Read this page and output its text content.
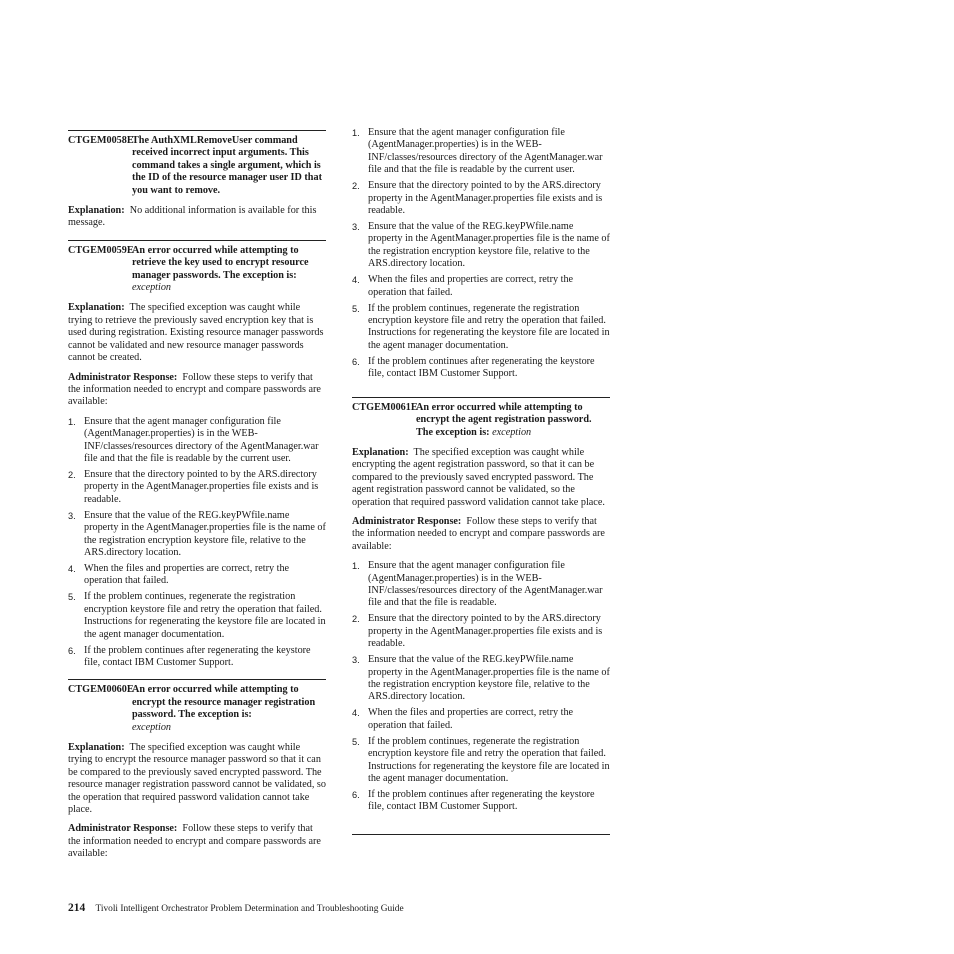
CTGEM0058E
The AuthXMLRemoveUser command received incorrect input arguments. This command takes a single argument, which is the ID of the resource manager user ID that you want to remove.

Explanation: No additional information is available for this message.

CTGEM0059E
An error occurred while attempting to retrieve the key used to encrypt resource manager passwords. The exception is:
exception

Explanation: The specified exception was caught while trying to retrieve the previously saved encryption key that is used during registration. Existing resource manager passwords cannot be validated and new resource manager passwords cannot be created.

Administrator Response: Follow these steps to verify that the information needed to encrypt and compare passwords are available:

1. Ensure that the agent manager configuration file (AgentManager.properties) is in the WEB-INF/classes/resources directory of the AgentManager.war file and that the file is readable by the current user.
2. Ensure that the directory pointed to by the ARS.directory property in the AgentManager.properties file exists and is readable.
3. Ensure that the value of the REG.keyPWfile.name property in the AgentManager.properties file is the name of the registration encryption keystore file, relative to the ARS.directory location.
4. When the files and properties are correct, retry the operation that failed.
5. If the problem continues, regenerate the registration encryption keystore file and retry the operation that failed. Instructions for regenerating the keystore file are located in the agent manager documentation.
6. If the problem continues after regenerating the keystore file, contact IBM Customer Support.
CTGEM0060E
An error occurred while attempting to encrypt the resource manager registration password. The exception is:
exception

Explanation: The specified exception was caught while trying to encrypt the resource manager password so that it can be compared to the previously saved encrypted password. The resource manager registration password cannot be validated, so the operation that required password validation cannot take place.

Administrator Response: Follow these steps to verify that the information needed to encrypt and compare passwords are available:

1. Ensure that the agent manager configuration file (AgentManager.properties) is in the WEB-INF/classes/resources directory of the AgentManager.war file and that the file is readable by the current user.
2. Ensure that the directory pointed to by the ARS.directory property in the AgentManager.properties file exists and is readable.
3. Ensure that the value of the REG.keyPWfile.name property in the AgentManager.properties file is the name of the registration encryption keystore file, relative to the ARS.directory location.
4. When the files and properties are correct, retry the operation that failed.
5. If the problem continues, regenerate the registration encryption keystore file and retry the operation that failed. Instructions for regenerating the keystore file are located in the agent manager documentation.
6. If the problem continues after regenerating the keystore file, contact IBM Customer Support.
CTGEM0061E
An error occurred while attempting to encrypt the agent registration password. The exception is: exception

Explanation: The specified exception was caught while encrypting the agent registration password, so that it can be compared to the previously saved encrypted password. The agent registration password cannot be validated, so the operation that required password validation cannot take place.

Administrator Response: Follow these steps to verify that the information needed to encrypt and compare passwords are available:

1. Ensure that the agent manager configuration file (AgentManager.properties) is in the WEB-INF/classes/resources directory of the AgentManager.war file and that the file is readable.
2. Ensure that the directory pointed to by the ARS.directory property in the AgentManager.properties file exists and is readable.
3. Ensure that the value of the REG.keyPWfile.name property in the AgentManager.properties file is the name of the registration encryption keystore file, relative to the ARS.directory location.
4. When the files and properties are correct, retry the operation that failed.
5. If the problem continues, regenerate the registration encryption keystore file and retry the operation that failed. Instructions for regenerating the keystore file are located in the agent manager documentation.
6. If the problem continues after regenerating the keystore file, contact IBM Customer Support.
214 Tivoli Intelligent Orchestrator Problem Determination and Troubleshooting Guide
